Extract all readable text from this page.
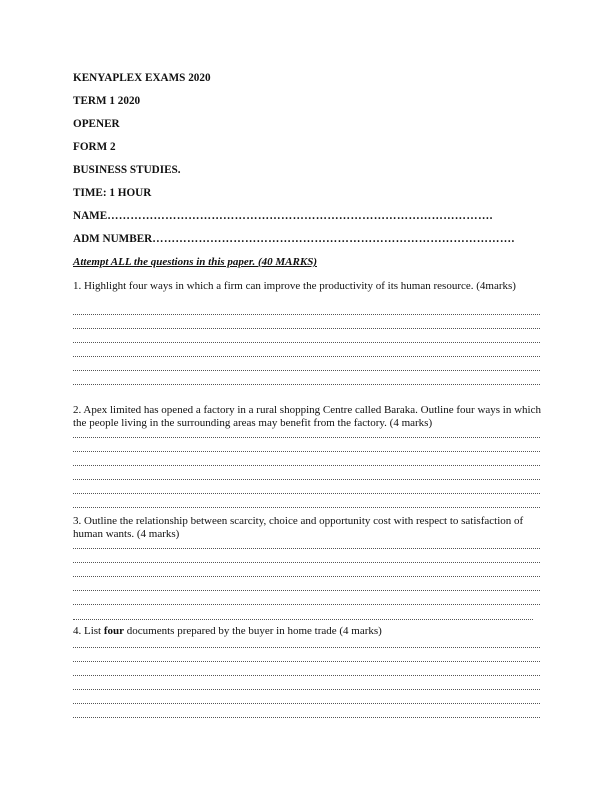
KENYAPLEX EXAMS 2020
TERM 1 2020
OPENER
FORM 2
BUSINESS STUDIES.
TIME: 1 HOUR
NAME……………………………………………………………………………………….
ADM NUMBER………………………………………………………………………………….
Attempt ALL the questions in this paper. (40 MARKS)
1. Highlight four ways in which a firm can improve the productivity of its human resource. (4marks)
2. Apex limited has opened a factory in a rural shopping Centre called Baraka. Outline four ways in which the people living in the surrounding areas may benefit from the factory. (4 marks)
3. Outline the relationship between scarcity, choice and opportunity cost with respect to satisfaction of human wants. (4 marks)
4. List four documents prepared by the buyer in home trade (4 marks)
